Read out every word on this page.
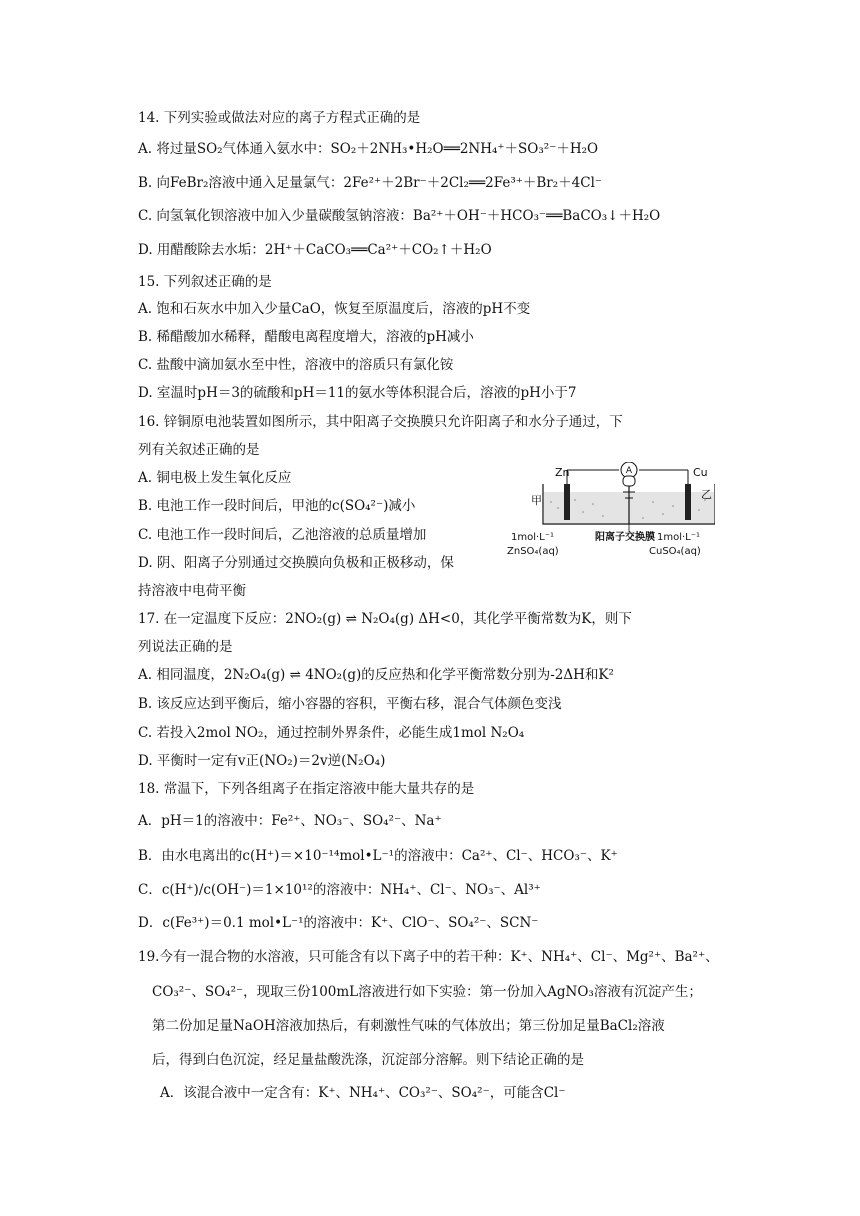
14. 下列实验或做法对应的离子方程式正确的是
A. 将过量SO₂气体通入氨水中：SO₂＋2NH₃•H₂O══2NH₄⁺＋SO₃²⁻＋H₂O
B. 向FeBr₂溶液中通入足量氯气：2Fe²⁺＋2Br⁻＋2Cl₂══2Fe³⁺＋Br₂＋4Cl⁻
C. 向氢氧化钡溶液中加入少量碳酸氢钠溶液：Ba²⁺＋OH⁻＋HCO₃⁻══BaCO₃↓＋H₂O
D. 用醋酸除去水垢：2H⁺＋CaCO₃══Ca²⁺＋CO₂↑＋H₂O
15. 下列叙述正确的是
A. 饱和石灰水中加入少量CaO，恢复至原温度后，溶液的pH不变
B. 稀醋酸加水稀释，醋酸电离程度增大，溶液的pH减小
C. 盐酸中滴加氨水至中性，溶液中的溶质只有氯化铵
D. 室温时pH＝3的硫酸和pH＝11的氨水等体积混合后，溶液的pH小于7
16. 锌铜原电池装置如图所示，其中阳离子交换膜只允许阳离子和水分子通过，下
列有关叙述正确的是
A. 铜电极上发生氧化反应
B. 电池工作一段时间后，甲池的c(SO₄²⁻)减小
C. 电池工作一段时间后，乙池溶液的总质量增加
D. 阴、阳离子分别通过交换膜向负极和正极移动，保
持溶液中电荷平衡
A
Zn	Cu
甲	乙
1mol·L⁻¹
ZnSO₄(aq)
阳离子交换膜 1mol·L⁻¹
CuSO₄(aq)
17. 在一定温度下反应：2NO₂(g) ⇌ N₂O₄(g) ΔH<0，其化学平衡常数为K，则下
列说法正确的是
A. 相同温度，2N₂O₄(g) ⇌ 4NO₂(g)的反应热和化学平衡常数分别为-2ΔH和K²
B. 该反应达到平衡后，缩小容器的容积，平衡右移，混合气体颜色变浅
C. 若投入2mol NO₂，通过控制外界条件，必能生成1mol N₂O₄
D. 平衡时一定有v正(NO₂)＝2v逆(N₂O₄)
18. 常温下，下列各组离子在指定溶液中能大量共存的是
A．pH＝1的溶液中：Fe²⁺、NO₃⁻、SO₄²⁻、Na⁺
B．由水电离出的c(H⁺)＝×10⁻¹⁴mol•L⁻¹的溶液中：Ca²⁺、Cl⁻、HCO₃⁻、K⁺
C．c(H⁺)/c(OH⁻)＝1×10¹²的溶液中：NH₄⁺、Cl⁻、NO₃⁻、Al³⁺
D．c(Fe³⁺)＝0.1 mol•L⁻¹的溶液中：K⁺、ClO⁻、SO₄²⁻、SCN⁻
19.今有一混合物的水溶液，只可能含有以下离子中的若干种：K⁺、NH₄⁺、Cl⁻、Mg²⁺、Ba²⁺、
CO₃²⁻、SO₄²⁻，现取三份100mL溶液进行如下实验：第一份加入AgNO₃溶液有沉淀产生；
第二份加足量NaOH溶液加热后，有刺激性气味的气体放出；第三份加足量BaCl₂溶液
后，得到白色沉淀，经足量盐酸洗涤，沉淀部分溶解。则下结论正确的是
A．该混合液中一定含有：K⁺、NH₄⁺、CO₃²⁻、SO₄²⁻，可能含Cl⁻
